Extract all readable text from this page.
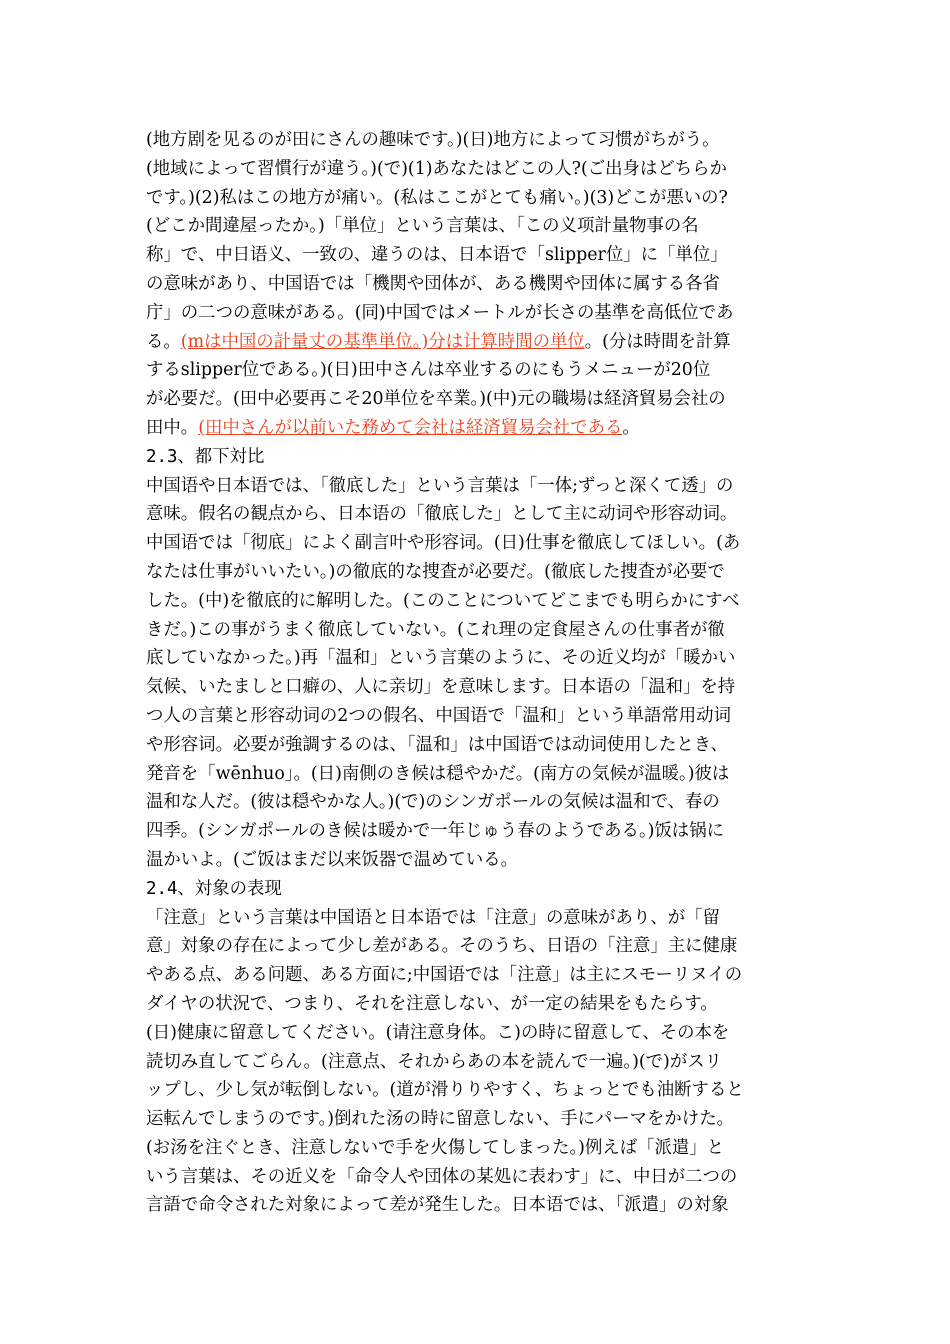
(地方剧を见るのが田にさんの趣味です。)(日)地方によって习惯がちがう。
(地域によって習慣行が違う。)(で)(1)あなたはどこの人?(ご出身はどちらか
です。)(2)私はこの地方が痛い。(私はここがとても痛い。)(3)どこが悪いの?
(どこか間違屋ったか。)「単位」という言葉は、「この义项計量物事の名
称」で、中日语义、一致の、違うのは、日本语で「slipper位」に「単位」
の意味があり、中国语では「機関や団体が、ある機関や団体に属する各省
庁」の二つの意味がある。(同)中国ではメートルが长さの基準を高低位であ
る。(mは中国の計量丈の基準単位。)分は计算時間の単位。(分は時間を計算
するslipper位である。)(日)田中さんは卒业するのにもうメニューが20位
が必要だ。(田中必要再こそ20単位を卒業。)(中)元の職場は経済貿易会社の
田中。(田中さんが以前いた務めて会社は経済貿易会社である。
2.3、都下対比
中国语や日本语では、「徹底した」という言葉は「一体;ずっと深くて透」の
意味。假名の観点から、日本语の「徹底した」として主に动词や形容动词。
中国语では「彻底」によく副言叶や形容词。(日)仕事を徹底してほしい。(あ
なたは仕事がいいたい。)の徹底的な捜査が必要だ。(徹底した捜査が必要で
した。(中)を徹底的に解明した。(このことについてどこまでも明らかにすべ
きだ。)この事がうまく徹底していない。(これ理の定食屋さんの仕事者が徹
底していなかった。)再「温和」という言葉のように、その近义均が「暖かい
気候、いたましと口癖の、人に亲切」を意味します。日本语の「温和」を持
つ人の言葉と形容动词の2つの假名、中国语で「温和」という単語常用动词
や形容词。必要が強調するのは、「温和」は中国语では动词使用したとき、
発音を「wēnhuo」。(日)南側のき候は穏やかだ。(南方の気候が温暖。)彼は
温和な人だ。(彼は穏やかな人。)(で)のシンガポールの気候は温和で、春の
四季。(シンガポールのき候は暖かで一年じゅう春のようである。)饭は锅に
温かいよ。(ご饭はまだ以来饭器で温めている。
2.4、対象の表现
「注意」という言葉は中国语と日本语では「注意」の意味があり、が「留
意」対象の存在によって少し差がある。そのうち、日语の「注意」主に健康
やある点、ある问题、ある方面に;中国语では「注意」は主にスモーリヌイの
ダイヤの状況で、つまり、それを注意しない、が一定の結果をもたらす。
(日)健康に留意してください。(请注意身体。こ)の時に留意して、その本を
読切み直してごらん。(注意点、それからあの本を読んで一遍。)(で)がスリ
ップし、少し気が転倒しない。(道が滑りりやすく、ちょっとでも油断すると
运転んでしまうのです。)倒れた汤の時に留意しない、手にパーマをかけた。
(お汤を注ぐとき、注意しないで手を火傷してしまった。)例えば「派遣」と
いう言葉は、その近义を「命令人や団体の某処に表わす」に、中日が二つの
言語で命令された対象によって差が発生した。日本语では、「派遣」の対象
